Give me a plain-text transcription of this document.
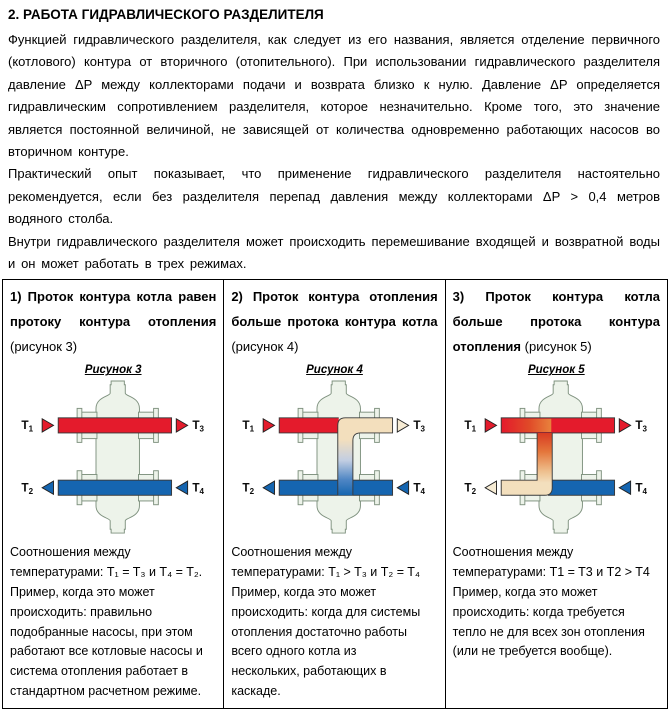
2. РАБОТА ГИДРАВЛИЧЕСКОГО РАЗДЕЛИТЕЛЯ

Функцией гидравлического разделителя, как следует из его названия, является отделение первичного (котлового) контура от вторичного (отопительного). При использовании гидравлического разделителя давление ΔP между коллекторами подачи и возврата близко к нулю. Давление ΔP определяется гидравлическим сопротивлением разделителя, которое незначительно. Кроме того, это значение является постоянной величиной, не зависящей от количества одновременно работающих насосов во вторичном контуре.

Практический опыт показывает, что применение гидравлического разделителя настоятельно рекомендуется, если без разделителя перепад давления между коллекторами ΔP > 0,4 метров водяного столба.

Внутри гидравлического разделителя может происходить перемешивание входящей и возвратной воды и он может работать в трех режимах.

1) Проток контура котла равен протоку контура отопления (рисунок 3)
Рисунок 3
$T_1$
$T_2$
$T_3$
$T_4$
Соотношения между температурами: T₁ = T₃ и T₄ = T₂. Пример, когда это может происходить: правильно подобранные насосы, при этом работают все котловые насосы и система отопления работает в стандартном расчетном режиме.
2) Проток контура отопления больше протока контура котла (рисунок 4)
Рисунок 4
$T_1$
$T_2$
$T_3$
$T_4$
Соотношения между температурами: T₁ > T₃ и T₂ = T₄ Пример, когда это может происходить: когда для системы отопления достаточно работы всего одного котла из нескольких, работающих в каскаде.
3) Проток контура котла больше протока контура отопления (рисунок 5)
Рисунок 5
$T_1$
$T_2$
$T_3$
$T_4$
Соотношения между температурами: T1 = T3 и T2 > T4 Пример, когда это может происходить: когда требуется тепло не для всех зон отопления (или не требуется вообще).
